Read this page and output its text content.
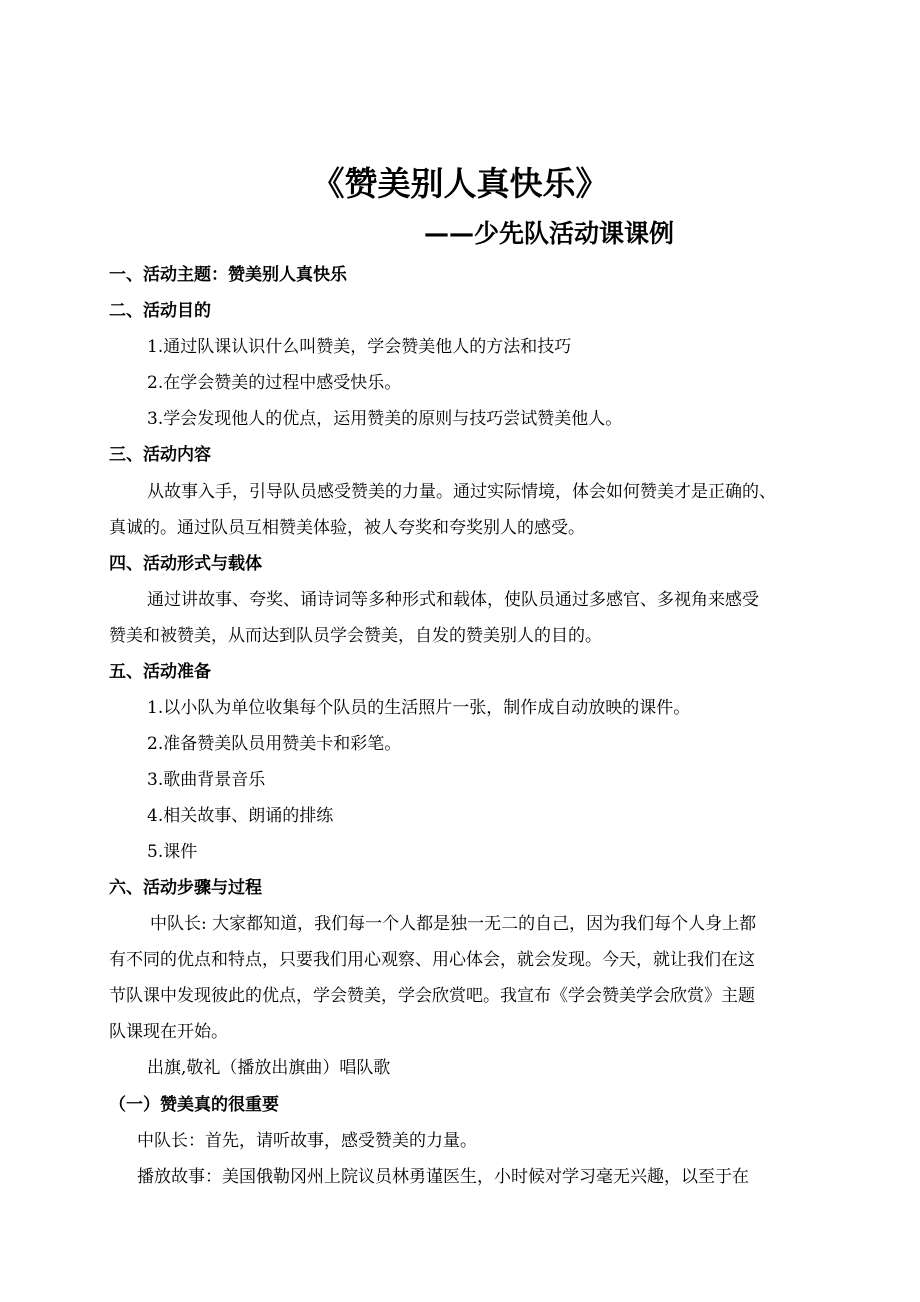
《赞美别人真快乐》
——少先队活动课课例
一、活动主题：赞美别人真快乐
二、活动目的
1.通过队课认识什么叫赞美，学会赞美他人的方法和技巧
2.在学会赞美的过程中感受快乐。
3.学会发现他人的优点，运用赞美的原则与技巧尝试赞美他人。
三、活动内容
从故事入手，引导队员感受赞美的力量。通过实际情境，体会如何赞美才是正确的、
真诚的。通过队员互相赞美体验，被人夸奖和夸奖别人的感受。
四、活动形式与载体
通过讲故事、夸奖、诵诗词等多种形式和载体，使队员通过多感官、多视角来感受
赞美和被赞美，从而达到队员学会赞美，自发的赞美别人的目的。
五、活动准备
1.以小队为单位收集每个队员的生活照片一张，制作成自动放映的课件。
2.准备赞美队员用赞美卡和彩笔。
3.歌曲背景音乐
4.相关故事、朗诵的排练
5.课件
六、活动步骤与过程
中队长: 大家都知道，我们每一个人都是独一无二的自己，因为我们每个人身上都
有不同的优点和特点，只要我们用心观察、用心体会，就会发现。今天，就让我们在这
节队课中发现彼此的优点，学会赞美，学会欣赏吧。我宣布《学会赞美学会欣赏》主题
队课现在开始。
出旗,敬礼（播放出旗曲）唱队歌
（一）赞美真的很重要
中队长：首先，请听故事，感受赞美的力量。
播放故事：美国俄勒冈州上院议员林勇谨医生，小时候对学习毫无兴趣，以至于在
